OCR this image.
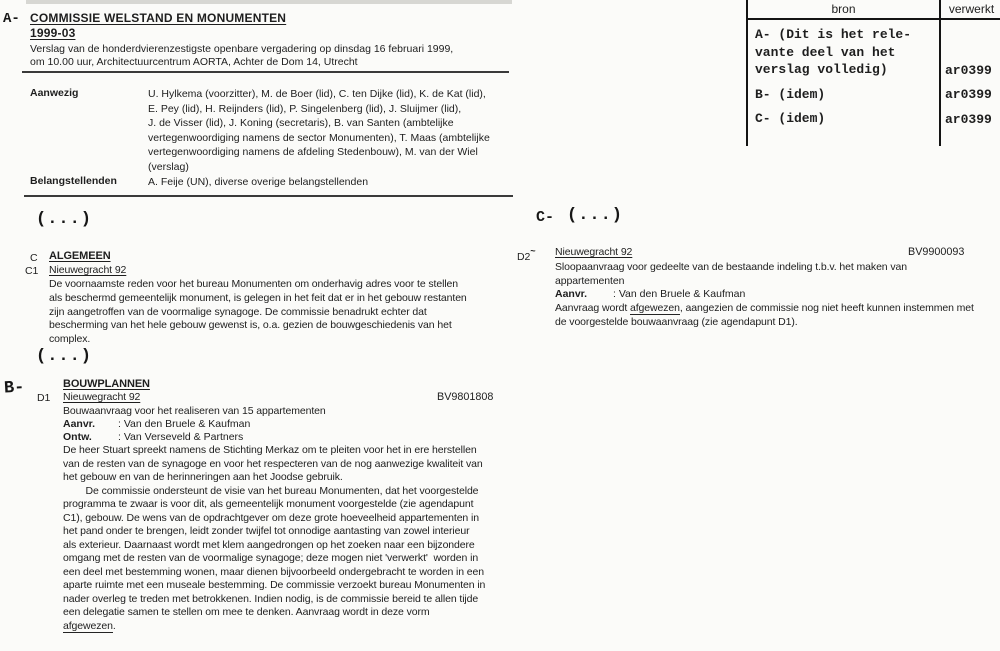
A- COMMISSIE WELSTAND EN MONUMENTEN
1999-03
Verslag van de honderdvierenzestigste openbare vergadering op dinsdag 16 februari 1999,
om 10.00 uur, Architectuurcentrum AORTA, Achter de Dom 14, Utrecht
Aanwezig	U. Hylkema (voorzitter), M. de Boer (lid), C. ten Dijke (lid), K. de Kat (lid),
E. Pey (lid), H. Reijnders (lid), P. Singelenberg (lid), J. Sluijmer (lid),
J. de Visser (lid), J. Koning (secretaris), B. van Santen (ambtelijke
vertegenwoordiging namens de sector Monumenten), T. Maas (ambtelijke
vertegenwoordiging namens de afdeling Stedenbouw), M. van der Wiel
(verslag)
Belangstellenden	A. Feije (UN), diverse overige belangstellenden
bron	verwerkt
A- (Dit is het rele-
vante deel van het
verslag volledig)	ar0399
B- (idem)	ar0399
C- (idem)	ar0399
(...)
C ALGEMEEN
C1 Nieuwegracht 92
De voornaamste reden voor het bureau Monumenten om onderhavig adres voor te stellen
als beschermd gemeentelijk monument, is gelegen in het feit dat er in het gebouw restanten
zijn aangetroffen van de voormalige synagoge. De commissie benadrukt echter dat
bescherming van het hele gebouw gewenst is, o.a. gezien de bouwgeschiedenis van het
complex.
(...)
B-	BOUWPLANNEN
D1 Nieuwegracht 92	BV9801808
Bouwaanvraag voor het realiseren van 15 appartementen
Aanvr.	: Van den Bruele & Kaufman
Ontw.	: Van Verseveld & Partners
De heer Stuart spreekt namens de Stichting Merkaz om te pleiten voor het in ere herstellen
van de resten van de synagoge en voor het respecteren van de nog aanwezige kwaliteit van
het gebouw en van de herinneringen aan het Joodse gebruik.
De commissie ondersteunt de visie van het bureau Monumenten, dat het voorgestelde
programma te zwaar is voor dit, als gemeentelijk monument voorgestelde (zie agendapunt
C1), gebouw. De wens van de opdrachtgever om deze grote hoeveelheid appartementen in
het pand onder te brengen, leidt zonder twijfel tot onnodige aantasting van zowel interieur
als exterieur. Daarnaast wordt met klem aangedrongen op het zoeken naar een bijzondere
omgang met de resten van de voormalige synagoge; deze mogen niet 'verwerkt'  worden in
een deel met bestemming wonen, maar dienen bijvoorbeeld ondergebracht te worden in een
aparte ruimte met een museale bestemming. De commissie verzoekt bureau Monumenten in
nader overleg te treden met betrokkenen. Indien nodig, is de commissie bereid te allen tijde
een delegatie samen te stellen om mee te denken. Aanvraag wordt in deze vorm
afgewezen.
C- (...)
D2~ Nieuwegracht 92	BV9900093
Sloopaanvraag voor gedeelte van de bestaande indeling t.b.v. het maken van
appartementen
Aanvr.	: Van den Bruele & Kaufman
Aanvraag wordt afgewezen, aangezien de commissie nog niet heeft kunnen instemmen met
de voorgestelde bouwaanvraag (zie agendapunt D1).
